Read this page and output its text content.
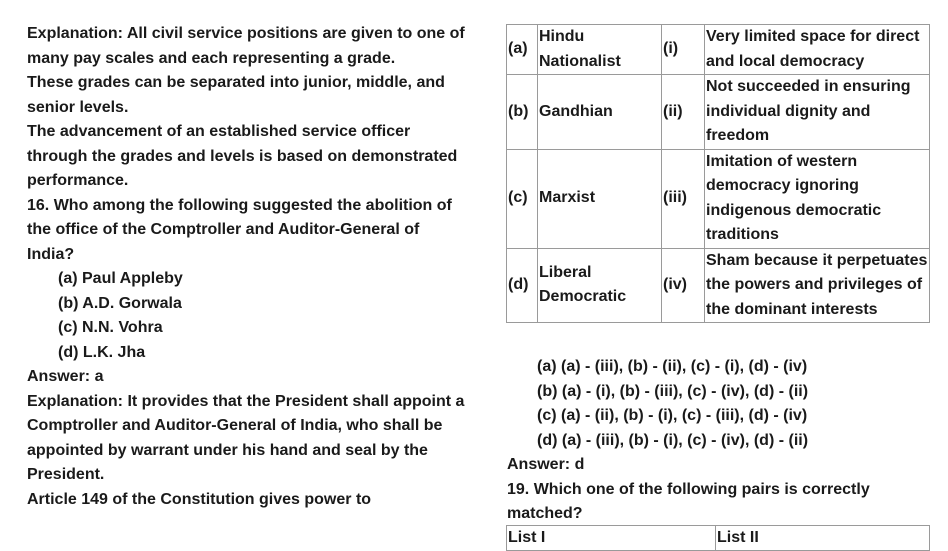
Explanation: All civil service positions are given to one of many pay scales and each representing a grade.

These grades can be separated into junior, middle, and senior levels.

The advancement of an established service officer through the grades and levels is based on demonstrated performance.

16. Who among the following suggested the abolition of the office of the Comptroller and Auditor-General of India?

(a) Paul Appleby

(b) A.D. Gorwala

(c) N.N. Vohra

(d) L.K. Jha

Answer: a

Explanation: It provides that the President shall appoint a Comptroller and Auditor-General of India, who shall be appointed by warrant under his hand and seal by the President.

Article 149 of the Constitution gives power to

(a)	Hindu Nationalist	(i)	Very limited space for direct and local democracy
(b)	Gandhian	(ii)	Not succeeded in ensuring individual dignity and freedom
(c)	Marxist	(iii)	Imitation of western democracy ignoring indigenous democratic traditions
(d)	Liberal Democratic	(iv)	Sham because it perpetuates the powers and privileges of the dominant interests
(a) (a) - (iii), (b) - (ii), (c) - (i), (d) - (iv)
(b) (a) - (i), (b) - (iii), (c) - (iv), (d) - (ii)
(c) (a) - (ii), (b) - (i), (c) - (iii), (d) - (iv)
(d) (a) - (iii), (b) - (i), (c) - (iv), (d) - (ii)
Answer: d
19. Which one of the following pairs is correctly matched?
List I	List II
